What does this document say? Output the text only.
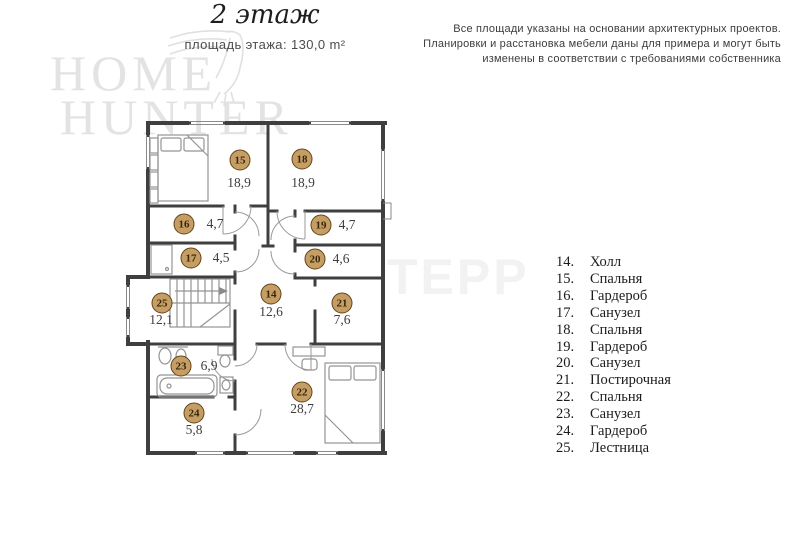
HOME
HUNTER
ТЕРР
2 этаж
площадь этажа: 130,0 m²
Все площади указаны на основании архитектурных проектов.
Планировки и расстановка мебели даны для примера и могут быть
изменены в соответствии с требованиями собственника
15
18,9
18
18,9
16	4,7	19 4,7
17	4,5	20 4,6
25
12,1
14
12,6
21
7,6
23	6,9
22
28,7
24
5,8
14.	Холл
15.	Спальня
16.	Гардероб
17.	Санузел
18.	Спальня
19.	Гардероб
20.	Санузел
21.	Постирочная
22.	Спальня
23.	Санузел
24.	Гардероб
25.	Лестница
